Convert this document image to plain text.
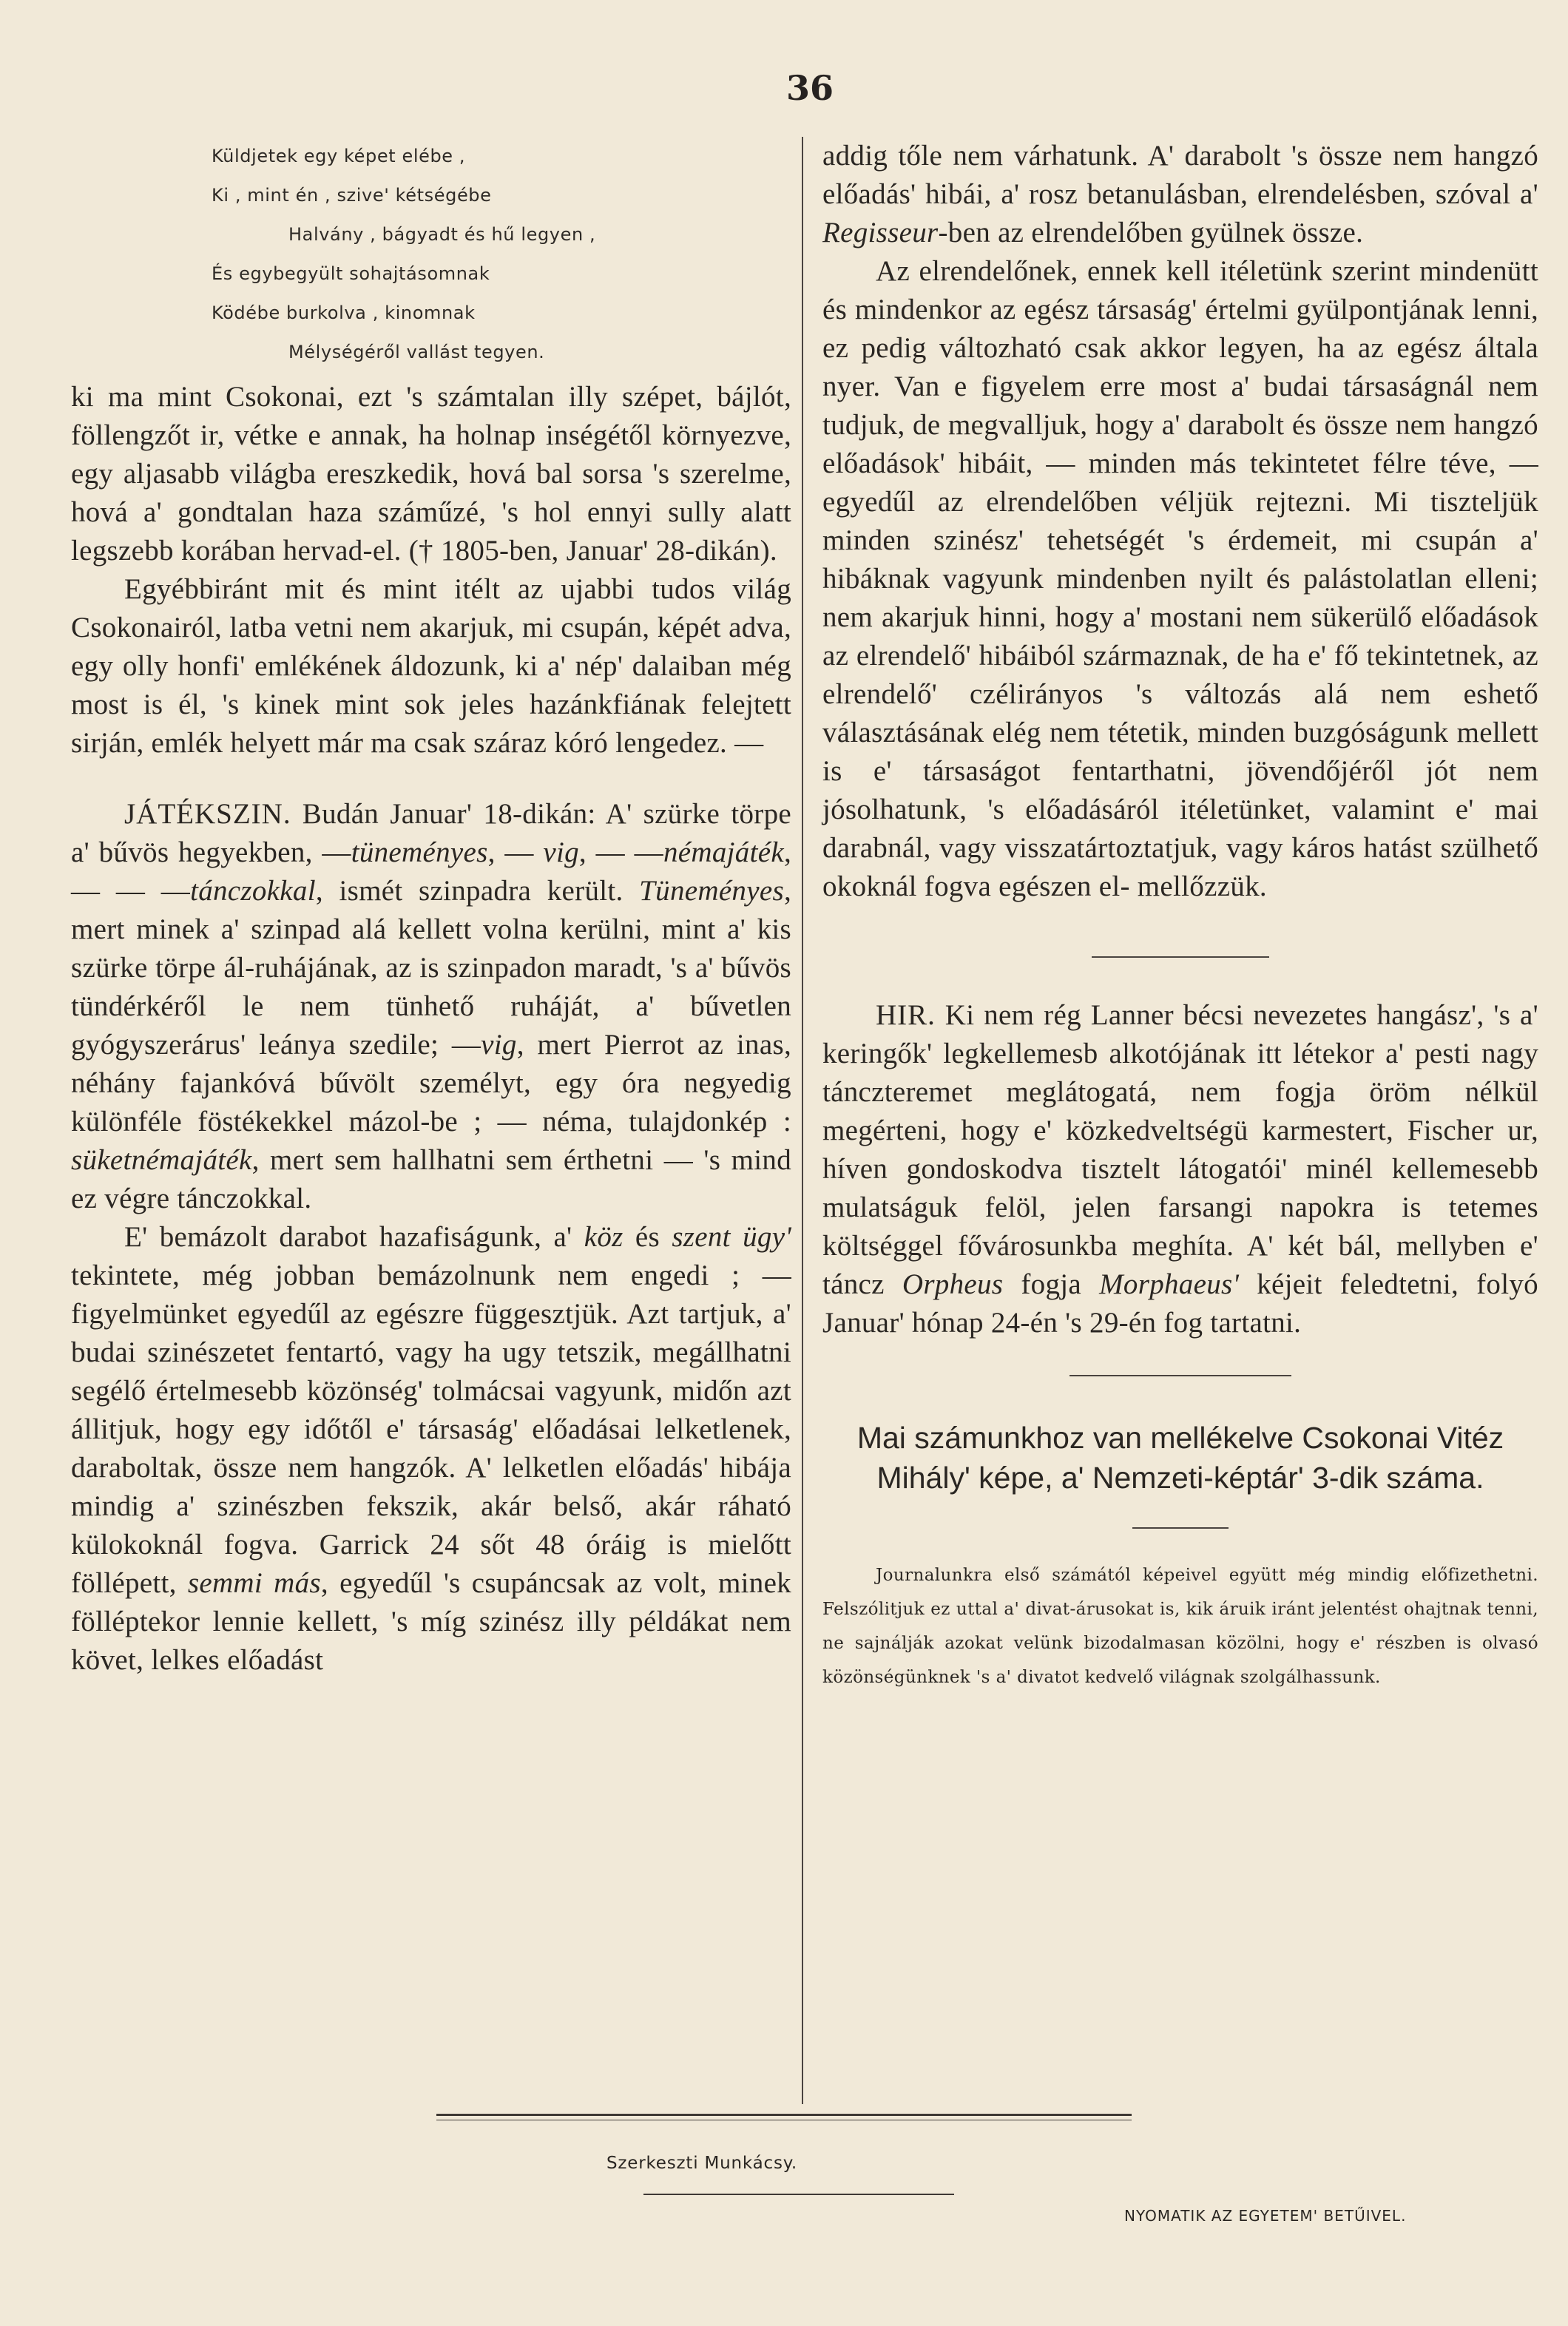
36

Küldjetek egy képet elébe ,

Ki , mint én , szive' kétségébe

Halvány , bágyadt és hű legyen ,

És egybegyült sohajtásomnak

Ködébe burkolva , kinomnak

Mélységéről vallást tegyen.

ki ma mint Csokonai, ezt 's számtalan illy szépet, bájlót, föllengzőt ir, vétke e annak, ha holnap inségétől környezve, egy aljasabb világba ereszkedik, hová bal sorsa 's szerelme, hová a' gondtalan haza száműzé, 's hol ennyi sully alatt legszebb korában hervad-el. († 1805-ben, Januar' 28-dikán).

Egyébbiránt mit és mint itélt az ujabbi tudos világ Csokonairól, latba vetni nem akarjuk, mi csupán, képét adva, egy olly honfi' emlékének áldozunk, ki a' nép' dalaiban még most is él, 's kinek mint sok jeles hazánkfiának felejtett sirján, emlék helyett már ma csak száraz kóró lengedez. —

JÁTÉKSZIN. Budán Januar' 18-dikán: A' szürke törpe a' bűvös hegyekben, —tüneményes, — vig, — —némajáték, — — —tánczokkal, ismét szinpadra került. Tüneményes, mert minek a' szinpad alá kellett volna kerülni, mint a' kis szürke törpe ál-ruhájának, az is szinpadon maradt, 's a' bűvös tündérkéről le nem tünhető ruháját, a' bűvetlen gyógyszerárus' leánya szedile; —vig, mert Pierrot az inas, néhány fajankóvá bűvölt személyt, egy óra negyedig különféle föstékekkel mázol-be ; — néma, tulajdonkép : süketnémajáték, mert sem hallhatni sem érthetni — 's mind ez végre tánczokkal.

E' bemázolt darabot hazafiságunk, a' köz és szent ügy' tekintete, még jobban bemázolnunk nem engedi ; — figyelmünket egyedűl az egészre függesztjük. Azt tartjuk, a' budai szinészetet fentartó, vagy ha ugy tetszik, megállhatni segélő értelmesebb közönség' tolmácsai vagyunk, midőn azt állitjuk, hogy egy időtől e' társaság' előadásai lelketlenek, daraboltak, össze nem hangzók. A' lelketlen előadás' hibája mindig a' szinészben fekszik, akár belső, akár ráható külokoknál fogva. Garrick 24 sőt 48 óráig is mielőtt föllépett, semmi más, egyedűl 's csupáncsak az volt, minek fölléptekor lennie kellett, 's míg szinész illy példákat nem követ, lelkes előadást

addig tőle nem várhatunk. A' darabolt 's össze nem hangzó előadás' hibái, a' rosz betanulásban, elrendelésben, szóval a' Regisseur-ben az elrendelőben gyülnek össze.

Az elrendelőnek, ennek kell itéletünk szerint mindenütt és mindenkor az egész társaság' értelmi gyülpontjának lenni, ez pedig változható csak akkor legyen, ha az egész általa nyer. Van e figyelem erre most a' budai társaságnál nem tudjuk, de megvalljuk, hogy a' darabolt és össze nem hangzó előadások' hibáit, — minden más tekintetet félre téve, — egyedűl az elrendelőben véljük rejtezni. Mi tiszteljük minden szinész' tehetségét 's érdemeit, mi csupán a' hibáknak vagyunk mindenben nyilt és palástolatlan elleni; nem akarjuk hinni, hogy a' mostani nem sükerülő előadások az elrendelő' hibáiból származnak, de ha e' fő tekintetnek, az elrendelő' czélirányos 's változás alá nem eshető választásának elég nem tétetik, minden buzgóságunk mellett is e' társaságot fentarthatni, jövendőjéről jót nem jósolhatunk, 's előadásáról itéletünket, valamint e' mai darabnál, vagy visszatártoztatjuk, vagy káros hatást szülhető okoknál fogva egészen el- mellőzzük.

HIR. Ki nem rég Lanner bécsi nevezetes hangász', 's a' keringők' legkellemesb alkotójának itt létekor a' pesti nagy tánczteremet meglátogatá, nem fogja öröm nélkül megérteni, hogy e' közkedveltségü karmestert, Fischer ur, híven gondoskodva tisztelt látogatói' minél kellemesebb mulatságuk felöl, jelen farsangi napokra is tetemes költséggel fővárosunkba meghíta. A' két bál, mellyben e' táncz Orpheus fogja Morphaeus' kéjeit feledtetni, folyó Januar' hónap 24-én 's 29-én fog tartatni.

Mai számunkhoz van mellékelve Csokonai Vitéz Mihály' képe, a' Nemzeti-képtár' 3-dik száma.

Journalunkra első számától képeivel együtt még mindig előfizethetni. Felszólitjuk ez uttal a' divat-árusokat is, kik áruik iránt jelentést ohajtnak tenni, ne sajnálják azokat velünk bizodalmasan közölni, hogy e' részben is olvasó közönségünknek 's a' divatot kedvelő világnak szolgálhassunk.

Szerkeszti Munkácsy.
NYOMATIK AZ EGYETEM' BETŰIVEL.
